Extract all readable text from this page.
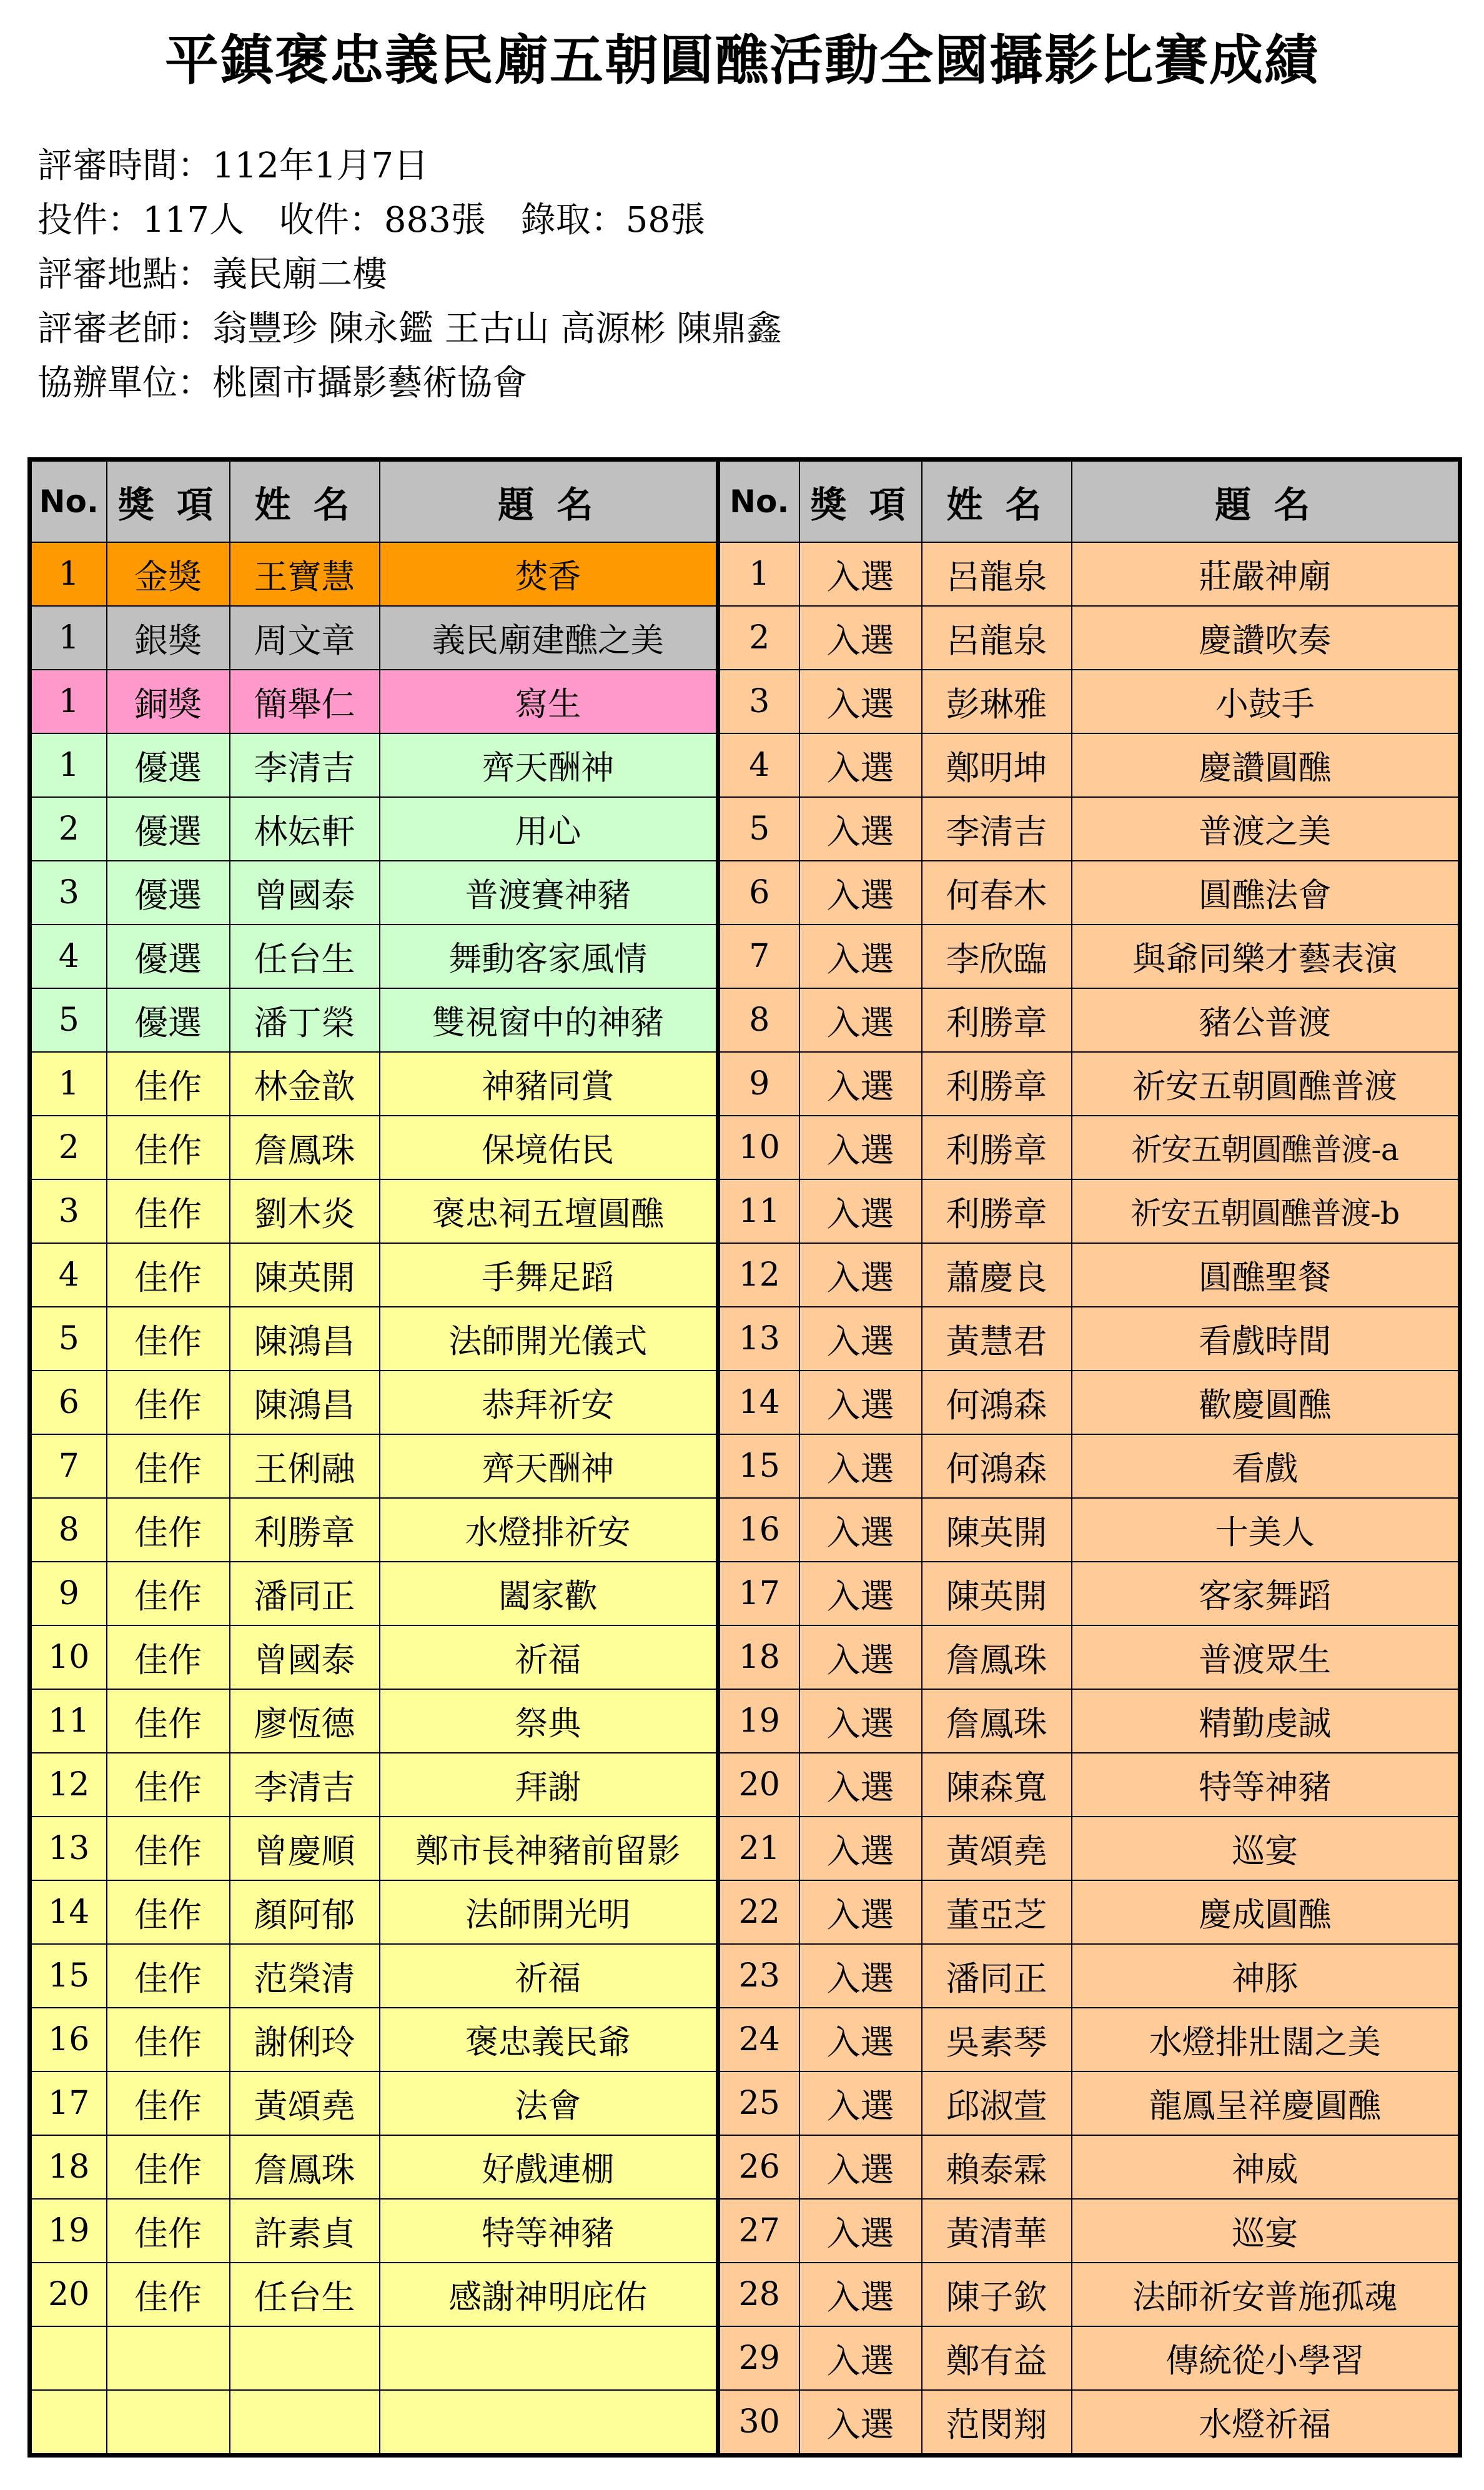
平鎮褒忠義民廟五朝圓醮活動全國攝影比賽成績
評審時間：112年1月7日
投件：117人　收件：883張　錄取：58張
評審地點：義民廟二樓
評審老師：翁豐珍 陳永鑑 王古山 高源彬 陳鼎鑫
協辦單位：桃園市攝影藝術協會
No.	獎 項	姓 名	題 名	No.	獎 項	姓 名	題 名
1	金獎	王寶慧	焚香	1	入選	呂龍泉	莊嚴神廟
1	銀獎	周文章	義民廟建醮之美	2	入選	呂龍泉	慶讚吹奏
1	銅獎	簡舉仁	寫生	3	入選	彭琳雅	小鼓手
1	優選	李清吉	齊天酬神	4	入選	鄭明坤	慶讚圓醮
2	優選	林妘軒	用心	5	入選	李清吉	普渡之美
3	優選	曾國泰	普渡賽神豬	6	入選	何春木	圓醮法會
4	優選	任台生	舞動客家風情	7	入選	李欣臨	與爺同樂才藝表演
5	優選	潘丁榮	雙視窗中的神豬	8	入選	利勝章	豬公普渡
1	佳作	林金歆	神豬同賞	9	入選	利勝章	祈安五朝圓醮普渡
2	佳作	詹鳳珠	保境佑民	10	入選	利勝章	祈安五朝圓醮普渡-a
3	佳作	劉木炎	褒忠祠五壇圓醮	11	入選	利勝章	祈安五朝圓醮普渡-b
4	佳作	陳英開	手舞足蹈	12	入選	蕭慶良	圓醮聖餐
5	佳作	陳鴻昌	法師開光儀式	13	入選	黃慧君	看戲時間
6	佳作	陳鴻昌	恭拜祈安	14	入選	何鴻森	歡慶圓醮
7	佳作	王俐融	齊天酬神	15	入選	何鴻森	看戲
8	佳作	利勝章	水燈排祈安	16	入選	陳英開	十美人
9	佳作	潘同正	闔家歡	17	入選	陳英開	客家舞蹈
10	佳作	曾國泰	祈福	18	入選	詹鳳珠	普渡眾生
11	佳作	廖恆德	祭典	19	入選	詹鳳珠	精勤虔誠
12	佳作	李清吉	拜謝	20	入選	陳森寬	特等神豬
13	佳作	曾慶順	鄭市長神豬前留影	21	入選	黃頌堯	巡宴
14	佳作	顏阿郁	法師開光明	22	入選	董亞芝	慶成圓醮
15	佳作	范榮清	祈福	23	入選	潘同正	神豚
16	佳作	謝俐玲	褒忠義民爺	24	入選	吳素琴	水燈排壯闊之美
17	佳作	黃頌堯	法會	25	入選	邱淑萱	龍鳳呈祥慶圓醮
18	佳作	詹鳳珠	好戲連棚	26	入選	賴泰霖	神威
19	佳作	許素貞	特等神豬	27	入選	黃清華	巡宴
20	佳作	任台生	感謝神明庇佑	28	入選	陳子欽	法師祈安普施孤魂
				29	入選	鄭有益	傳統從小學習
				30	入選	范閔翔	水燈祈福
